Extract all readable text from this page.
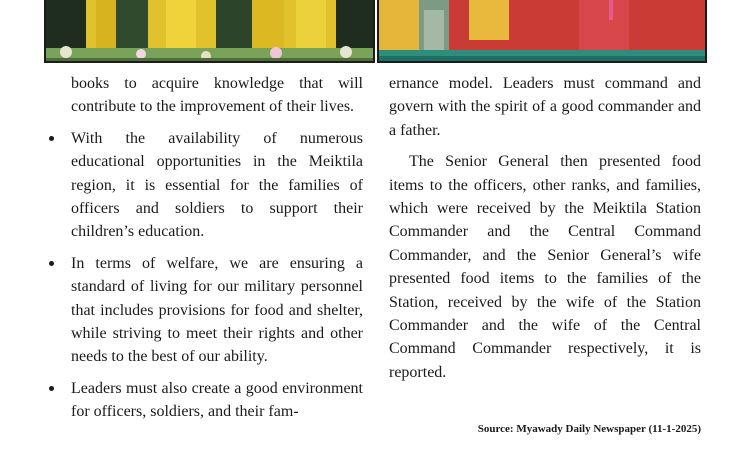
books to acquire knowledge that will contribute to the improvement of their lives.

With the availability of numerous educational opportunities in the Meiktila region, it is essential for the families of officers and soldiers to support their children’s education.
In terms of welfare, we are ensuring a standard of living for our military personnel that includes provisions for food and shelter, while striving to meet their rights and other needs to the best of our ability.
Leaders must also create a good environment for officers, soldiers, and their fam-

ernance model. Leaders must command and govern with the spirit of a good commander and a father.

The Senior General then presented food items to the officers, other ranks, and families, which were received by the Meiktila Station Commander and the Central Command Commander, and the Senior General’s wife presented food items to the families of the Station, received by the wife of the Station Commander and the wife of the Central Command Commander respectively, it is reported.

Source: Myawady Daily Newspaper (11-1-2025)
